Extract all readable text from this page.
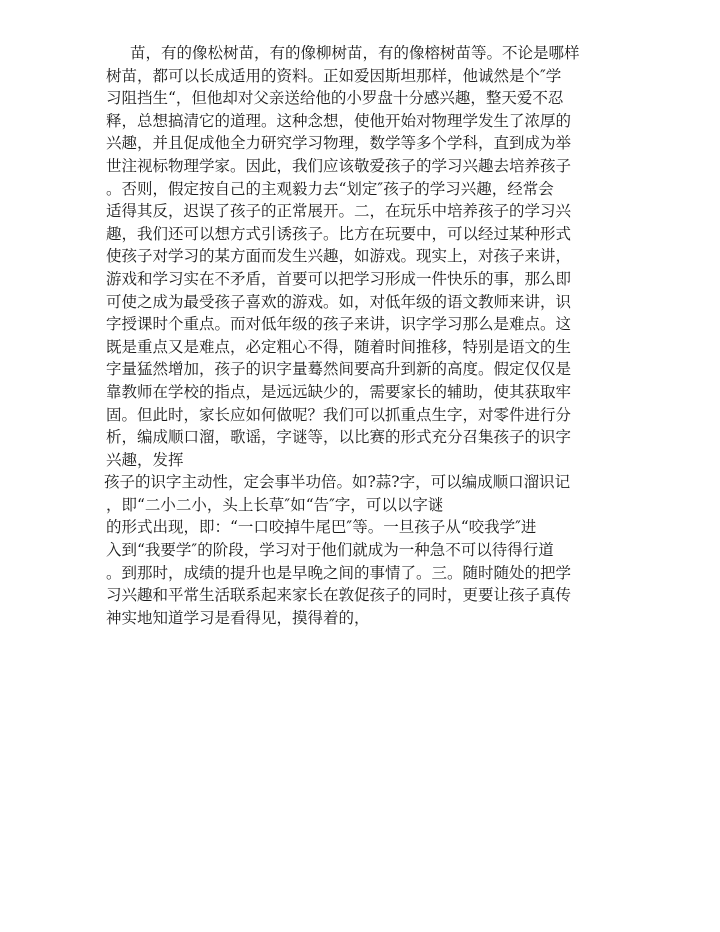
苗，有的像松树苗，有的像柳树苗，有的像榕树苗等。不论是哪样
树苗，都可以长成适用的资料。正如爱因斯坦那样，他诚然是个″学
习阻挡生“，但他却对父亲送给他的小罗盘十分感兴趣，整天爱不忍
释，总想搞清它的道理。这种念想，使他开始对物理学发生了浓厚的
兴趣，并且促成他全力研究学习物理，数学等多个学科，直到成为举
世注视标物理学家。因此，我们应该敬爱孩子的学习兴趣去培养孩子
。否则，假定按自己的主观毅力去“划定″孩子的学习兴趣，经常会
适得其反，迟误了孩子的正常展开。二，在玩乐中培养孩子的学习兴
趣，我们还可以想方式引诱孩子。比方在玩要中，可以经过某种形式
使孩子对学习的某方面而发生兴趣，如游戏。现实上，对孩子来讲，
游戏和学习实在不矛盾，首要可以把学习形成一件快乐的事，那么即
可使之成为最受孩子喜欢的游戏。如，对低年级的语文教师来讲，识
字授课时个重点。而对低年级的孩子来讲，识字学习那么是难点。这
既是重点又是难点，必定粗心不得，随着时间推移，特别是语文的生
字量猛然增加，孩子的识字量蓦然间要高升到新的高度。假定仅仅是
靠教师在学校的指点，是远远缺少的，需要家长的辅助，使其获取牢
固。但此时，家长应如何做呢？我们可以抓重点生字，对零件进行分
析，编成顺口溜，歌谣，字谜等，以比赛的形式充分召集孩子的识字
兴趣，发挥
孩子的识字主动性，定会事半功倍。如?蒜?字，可以编成顺口溜识记
，即“二小二小，头上长草″如“告″字，可以以字谜
的形式出现，即：“一口咬掉牛尾巴″等。一旦孩子从“咬我学″进
入到“我要学″的阶段，学习对于他们就成为一种急不可以待得行道
。到那时，成绩的提升也是早晚之间的事情了。三。随时随处的把学
习兴趣和平常生活联系起来家长在敦促孩子的同时，更要让孩子真传
神实地知道学习是看得见，摸得着的，
